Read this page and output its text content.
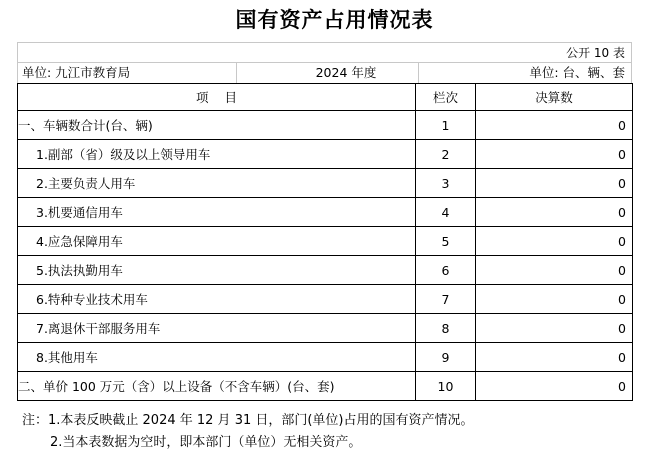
国有资产占用情况表
公开 10 表
单位: 九江市教育局	2024 年度	单位: 台、辆、套
项    目	栏次	决算数
一、车辆数合计(台、辆)	1	0
1.副部（省）级及以上领导用车	2	0
2.主要负责人用车	3	0
3.机要通信用车	4	0
4.应急保障用车	5	0
5.执法执勤用车	6	0
6.特种专业技术用车	7	0
7.离退休干部服务用车	8	0
8.其他用车	9	0
二、单价 100 万元（含）以上设备（不含车辆）(台、套)	10	0
注：1.本表反映截止 2024 年 12 月 31 日，部门(单位)占用的国有资产情况。
2.当本表数据为空时，即本部门（单位）无相关资产。
